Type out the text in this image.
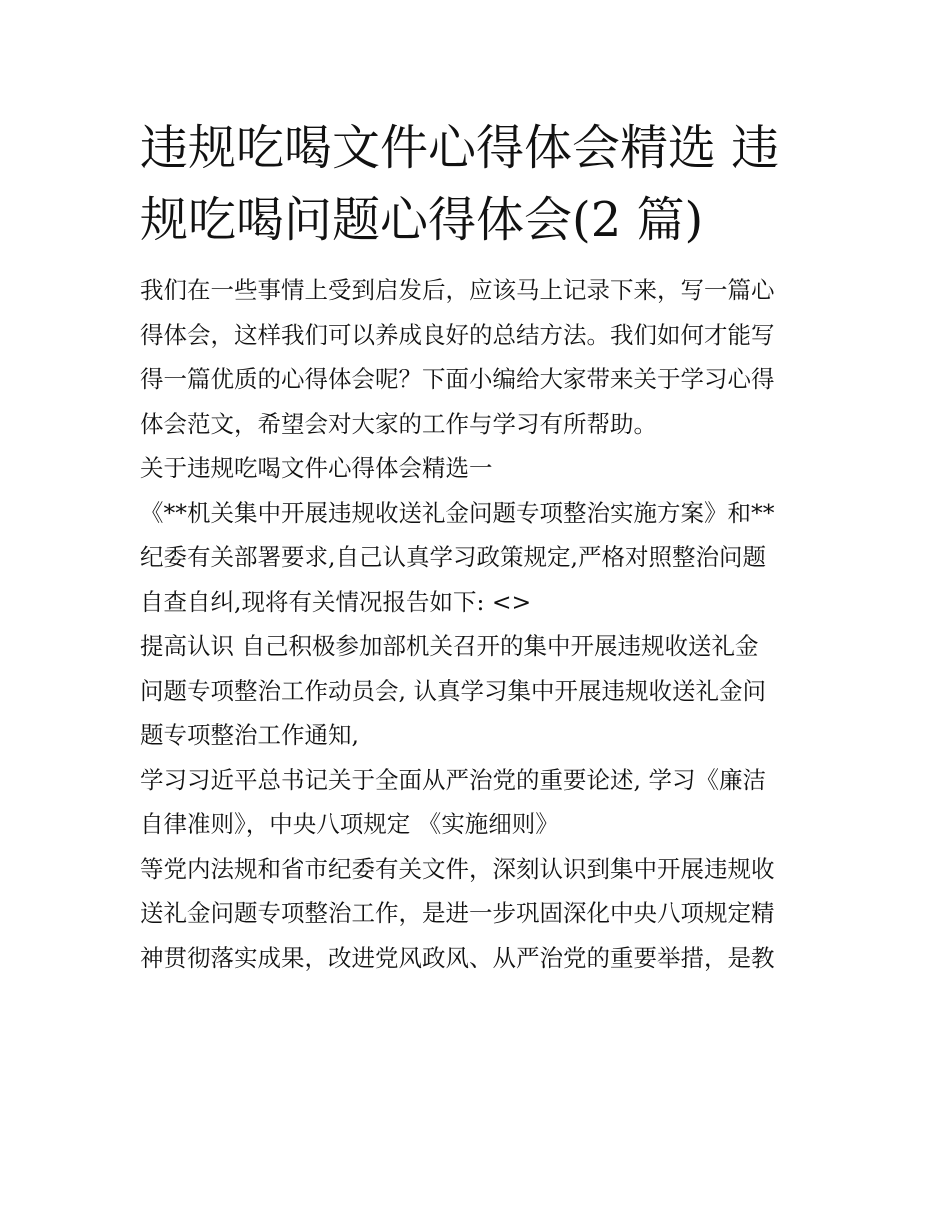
违规吃喝文件心得体会精选 违
规吃喝问题心得体会(2 篇)
我们在一些事情上受到启发后，应该马上记录下来，写一篇心
得体会，这样我们可以养成良好的总结方法。我们如何才能写
得一篇优质的心得体会呢？下面小编给大家带来关于学习心得
体会范文，希望会对大家的工作与学习有所帮助。
关于违规吃喝文件心得体会精选一
《**机关集中开展违规收送礼金问题专项整治实施方案》和**
纪委有关部署要求,自己认真学习政策规定,严格对照整治问题
自查自纠,现将有关情况报告如下: <>
提高认识 自己积极参加部机关召开的集中开展违规收送礼金
问题专项整治工作动员会, 认真学习集中开展违规收送礼金问
题专项整治工作通知,
学习习近平总书记关于全面从严治党的重要论述, 学习《廉洁
自律准则》，中央八项规定 《实施细则》
等党内法规和省市纪委有关文件，深刻认识到集中开展违规收
送礼金问题专项整治工作，是进一步巩固深化中央八项规定精
神贯彻落实成果，改进党风政风、从严治党的重要举措，是教
